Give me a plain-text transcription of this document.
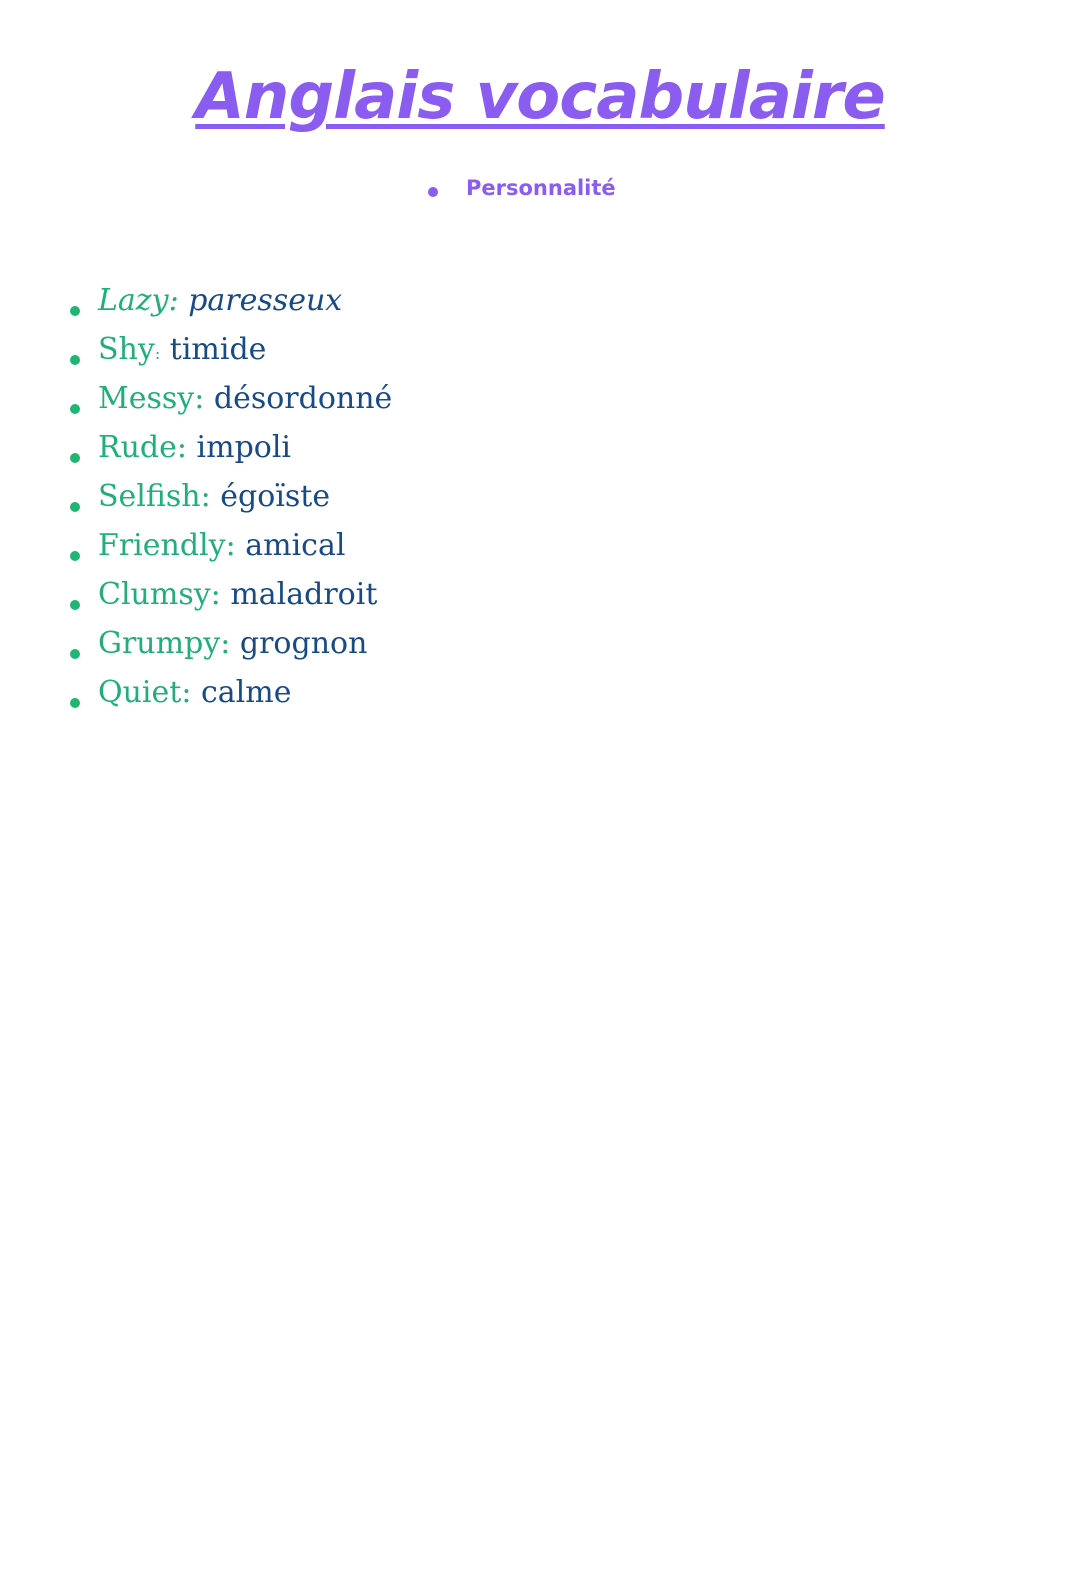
Anglais vocabulaire
Personnalité
Lazy: paresseux
Shy: timide
Messy: désordonné
Rude: impoli
Selfish: égoïste
Friendly: amical
Clumsy: maladroit
Grumpy: grognon
Quiet: calme
